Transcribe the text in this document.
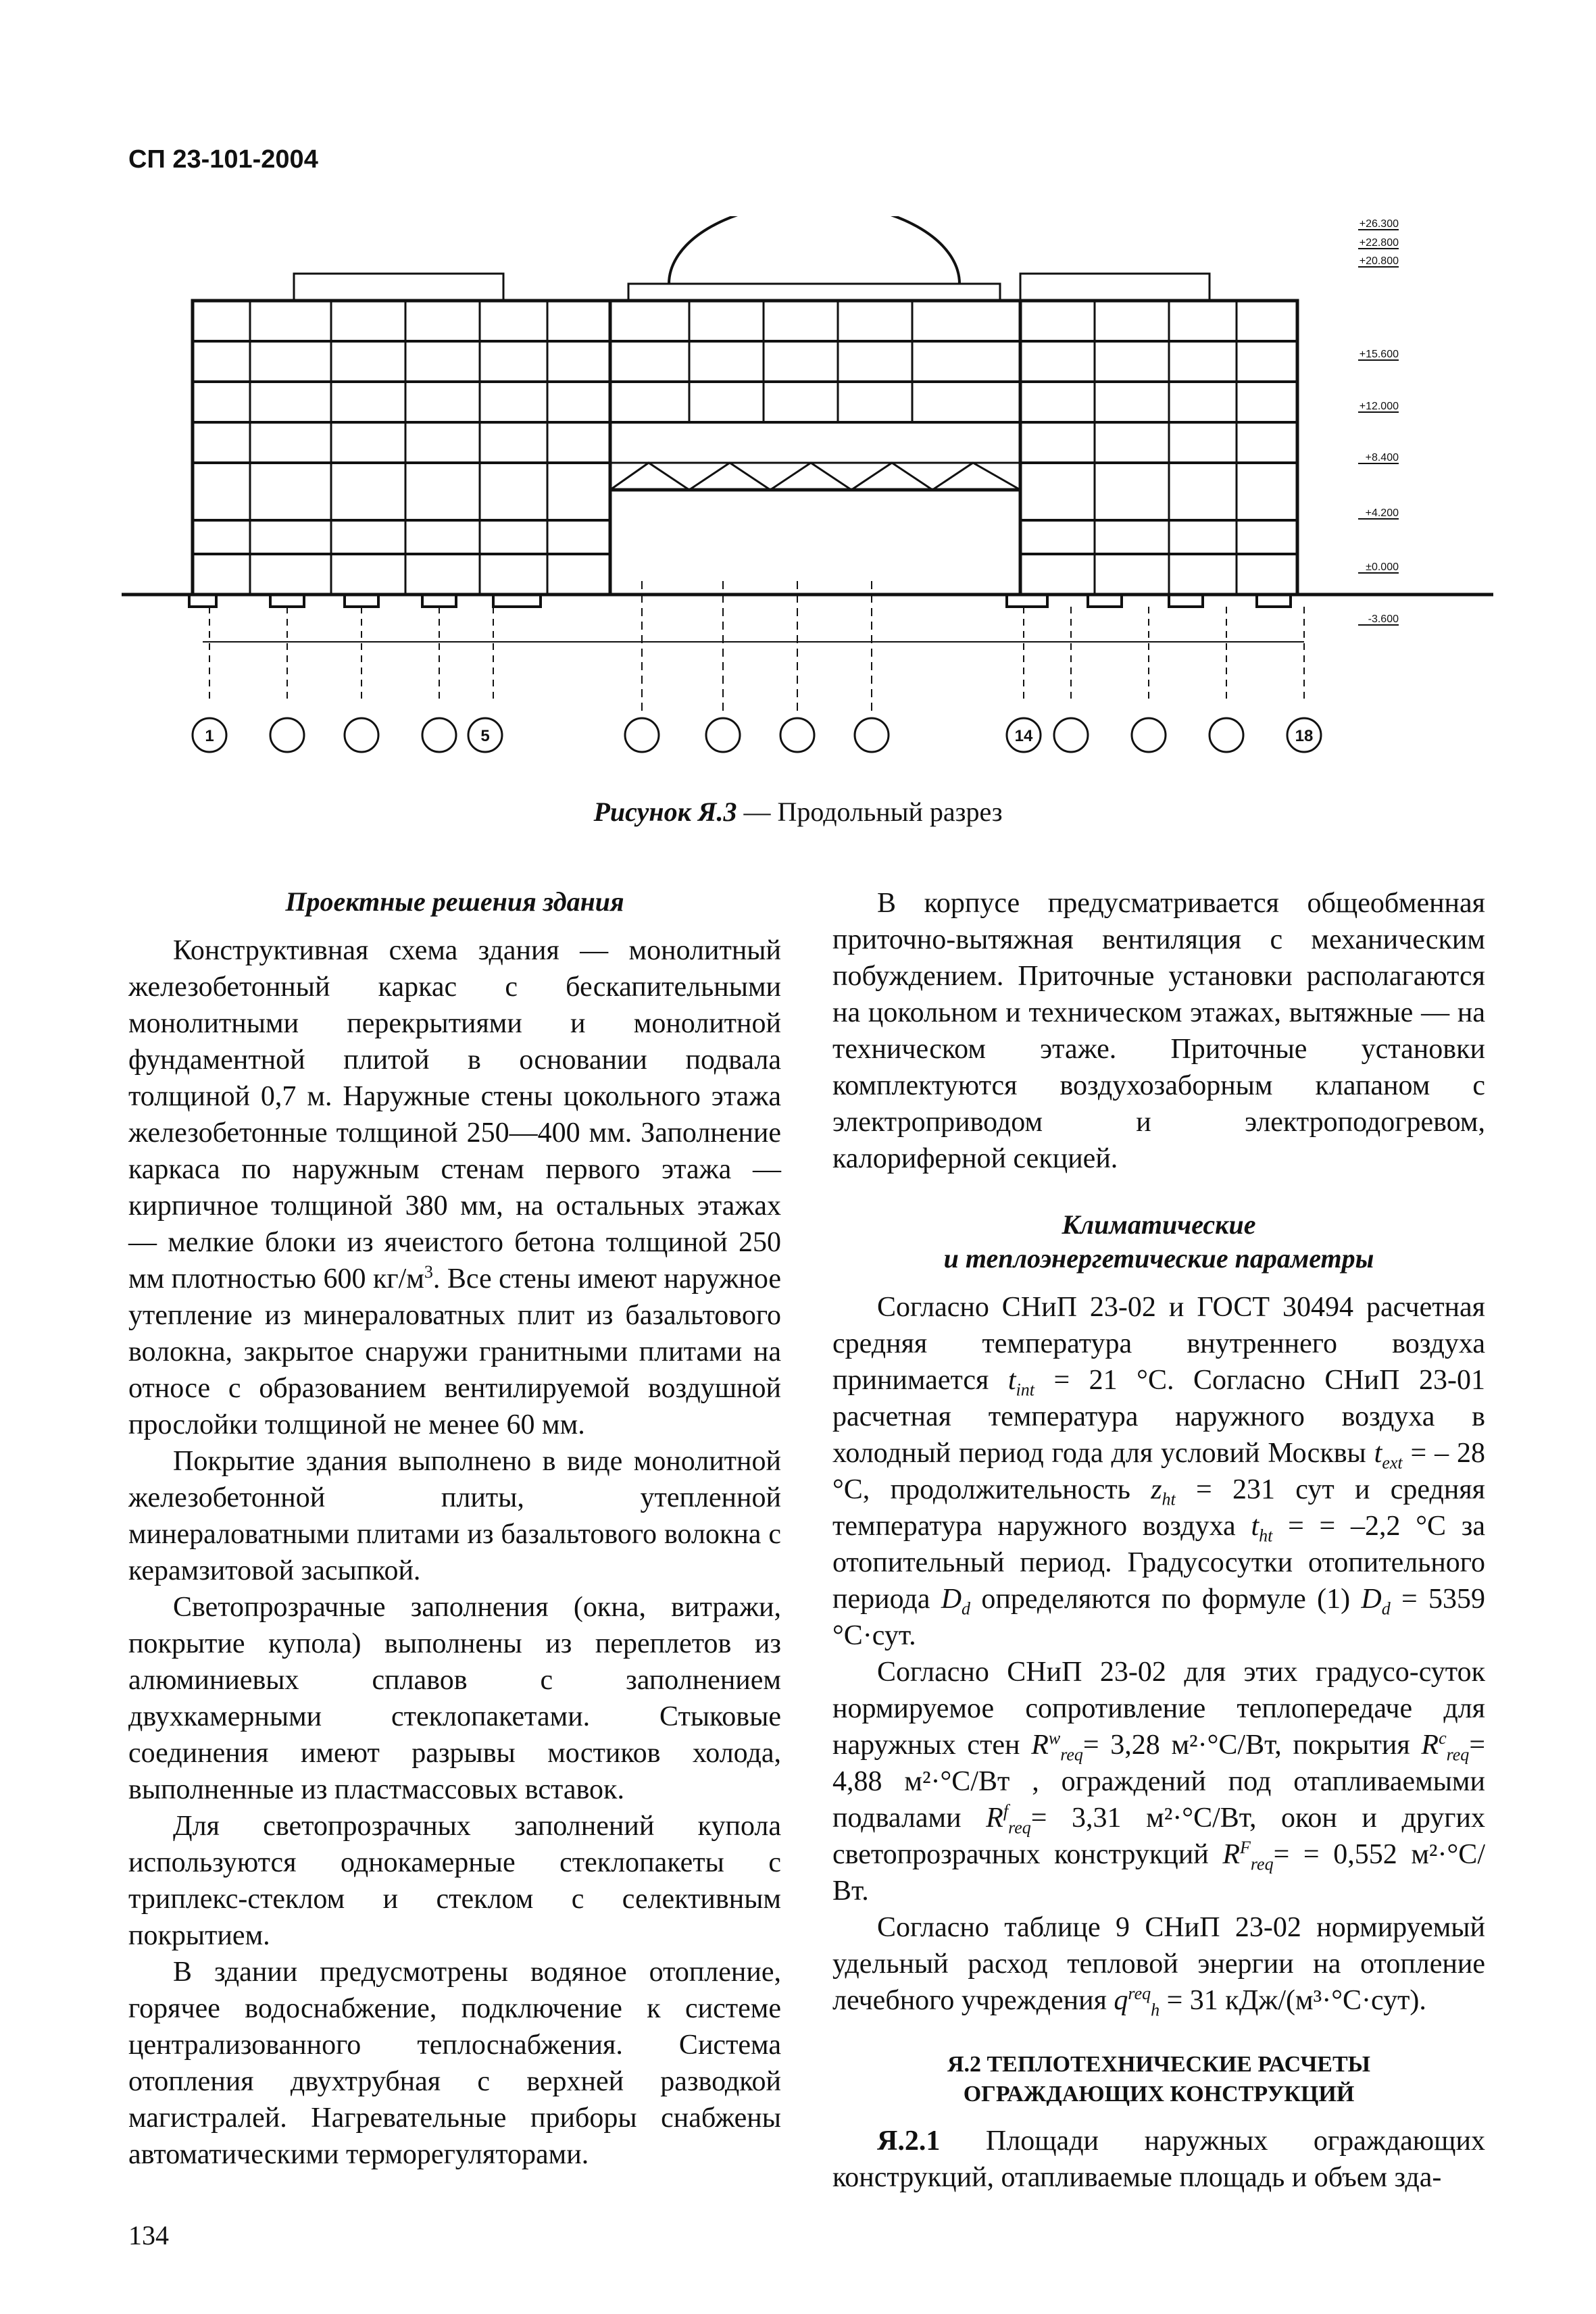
СП 23-101-2004
1	5	14	18
+26.300
+22.800
+20.800
+15.600
+12.000
+8.400
+4.200
±0.000
-3.600
Рисунок Я.3 — Продольный разрез
Проектные решения здания

Конструктивная схема здания — монолитный железобетонный каркас с бескапительными монолитными перекрытиями и монолитной фундаментной плитой в основании подвала толщиной 0,7 м. Наружные стены цокольного этажа железобетонные толщиной 250—400 мм. Заполнение каркаса по наружным стенам первого этажа — кирпичное толщиной 380 мм, на остальных этажах — мелкие блоки из ячеистого бетона толщиной 250 мм плотностью 600 $кг/м^3$. Все стены имеют наружное утепление из минераловатных плит из базальтового волокна, закрытое снаружи гранитными плитами на относе с образованием вентилируемой воздушной прослойки толщиной не менее 60 мм.

Покрытие здания выполнено в виде монолитной железобетонной плиты, утепленной минераловатными плитами из базальтового волокна с керамзитовой засыпкой.

Светопрозрачные заполнения (окна, витражи, покрытие купола) выполнены из переплетов из алюминиевых сплавов с заполнением двухкамерными стеклопакетами. Стыковые соединения имеют разрывы мостиков холода, выполненные из пластмассовых вставок.

Для светопрозрачных заполнений купола используются однокамерные стеклопакеты с триплекс-стеклом и стеклом с селективным покрытием.

В здании предусмотрены водяное отопление, горячее водоснабжение, подключение к системе централизованного теплоснабжения. Система отопления двухтрубная с верхней разводкой магистралей. Нагревательные приборы снабжены автоматическими терморегуляторами.

В корпусе предусматривается общеобменная приточно-вытяжная вентиляция с механическим побуждением. Приточные установки располагаются на цокольном и техническом этажах, вытяжные — на техническом этаже. Приточные установки комплектуются воздухозаборным клапаном с электроприводом и электроподогревом, калориферной секцией.

Климатические
и теплоэнергетические параметры

Согласно СНиП 23-02 и ГОСТ 30494 расчетная средняя температура внутреннего воздуха принимается $t_{int} = 21$ °С. Согласно СНиП 23-01 расчетная температура наружного воздуха в холодный период года для условий Москвы $t_{ext}$ = – 28 °С, продолжительность $z_{ht} = 231$ сут и средняя температура наружного воздуха $t_{ht}$ = = –2,2 °С за отопительный период. Градусосутки отопительного периода $D_d$ определяются по формуле (1) $D_d = 5359$ °С·сут.

Согласно СНиП 23-02 для этих градусо-суток нормируемое сопротивление теплопередаче для наружных стен $R^w_{req}= 3,28$ м²·°С/Вт, покрытия $R^c_{req}= 4,88$ м²·°С/Вт , ограждений под отапливаемыми подвалами $R^f_{req}= 3,31$ м²·°С/Вт, окон и других светопрозрачных конструкций $R^F_{req}= = 0,552$ м²·°С/Вт.

Согласно таблице 9 СНиП 23-02 нормируемый удельный расход тепловой энергии на отопление лечебного учреждения $q^{req}_h = 31$ кДж/(м³·°С·сут).

Я.2 ТЕПЛОТЕХНИЧЕСКИЕ РАСЧЕТЫ
ОГРАЖДАЮЩИХ КОНСТРУКЦИЙ

Я.2.1 Площади наружных ограждающих конструкций, отапливаемые площадь и объем зда-

134
